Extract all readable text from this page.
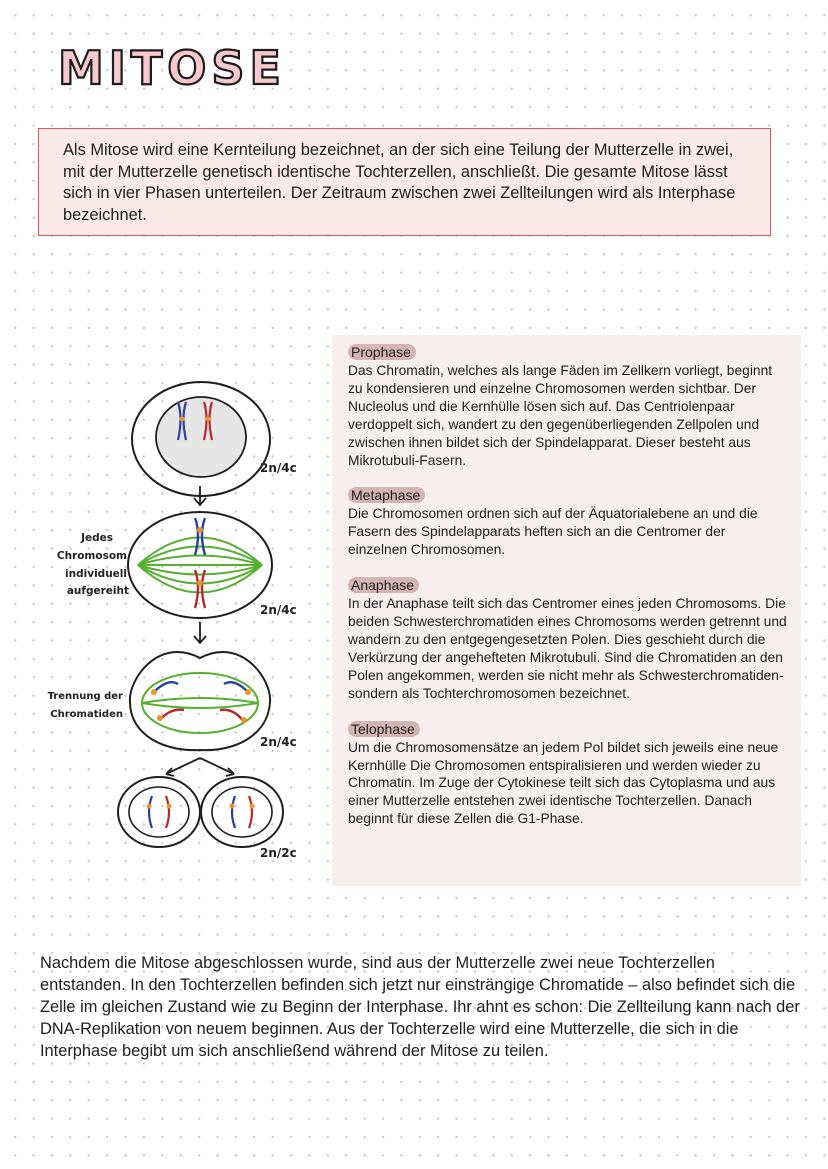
MITOSE

Als Mitose wird eine Kernteilung bezeichnet, an der sich eine Teilung der Mutterzelle in zwei, mit der Mutterzelle genetisch identische Tochterzellen, anschließt. Die gesamte Mitose lässt sich in vier Phasen unterteilen. Der Zeitraum zwischen zwei Zellteilungen wird als Interphase bezeichnet.

2n/4c
Jedes
Chromosom
individuell
aufgereiht
2n/4c
Trennung der
Chromatiden
2n/4c
2n/2c
Prophase

Das Chromatin, welches als lange Fäden im Zellkern vorliegt, beginnt zu kondensieren und einzelne Chromosomen werden sichtbar. Der Nucleolus und die Kernhülle lösen sich auf. Das Centriolenpaar verdoppelt sich, wandert zu den gegenüberliegenden Zellpolen und zwischen ihnen bildet sich der Spindelapparat. Dieser besteht aus Mikrotubuli-Fasern.

Metaphase

Die Chromosomen ordnen sich auf der Äquatorialebene an und die Fasern des Spindelapparats heften sich an die Centromer der einzelnen Chromosomen.

Anaphase

In der Anaphase teilt sich das Centromer eines jeden Chromosoms. Die beiden Schwesterchromatiden eines Chromosoms werden getrennt und wandern zu den entgegengesetzten Polen. Dies geschieht durch die Verkürzung der angehefteten Mikrotubuli. Sind die Chromatiden an den Polen angekommen, werden sie nicht mehr als Schwesterchromatiden- sondern als Tochterchromosomen bezeichnet.

Telophase

Um die Chromosomensätze an jedem Pol bildet sich jeweils eine neue Kernhülle Die Chromosomen entspiralisieren und werden wieder zu Chromatin. Im Zuge der Cytokinese teilt sich das Cytoplasma und aus einer Mutterzelle entstehen zwei identische Tochterzellen. Danach beginnt für diese Zellen die G1-Phase.

Nachdem die Mitose abgeschlossen wurde, sind aus der Mutterzelle zwei neue Tochterzellen entstanden. In den Tochterzellen befinden sich jetzt nur einsträngige Chromatide – also befindet sich die Zelle im gleichen Zustand wie zu Beginn der Interphase. Ihr ahnt es schon: Die Zellteilung kann nach der DNA-Replikation von neuem beginnen. Aus der Tochterzelle wird eine Mutterzelle, die sich in die Interphase begibt um sich anschließend während der Mitose zu teilen.
